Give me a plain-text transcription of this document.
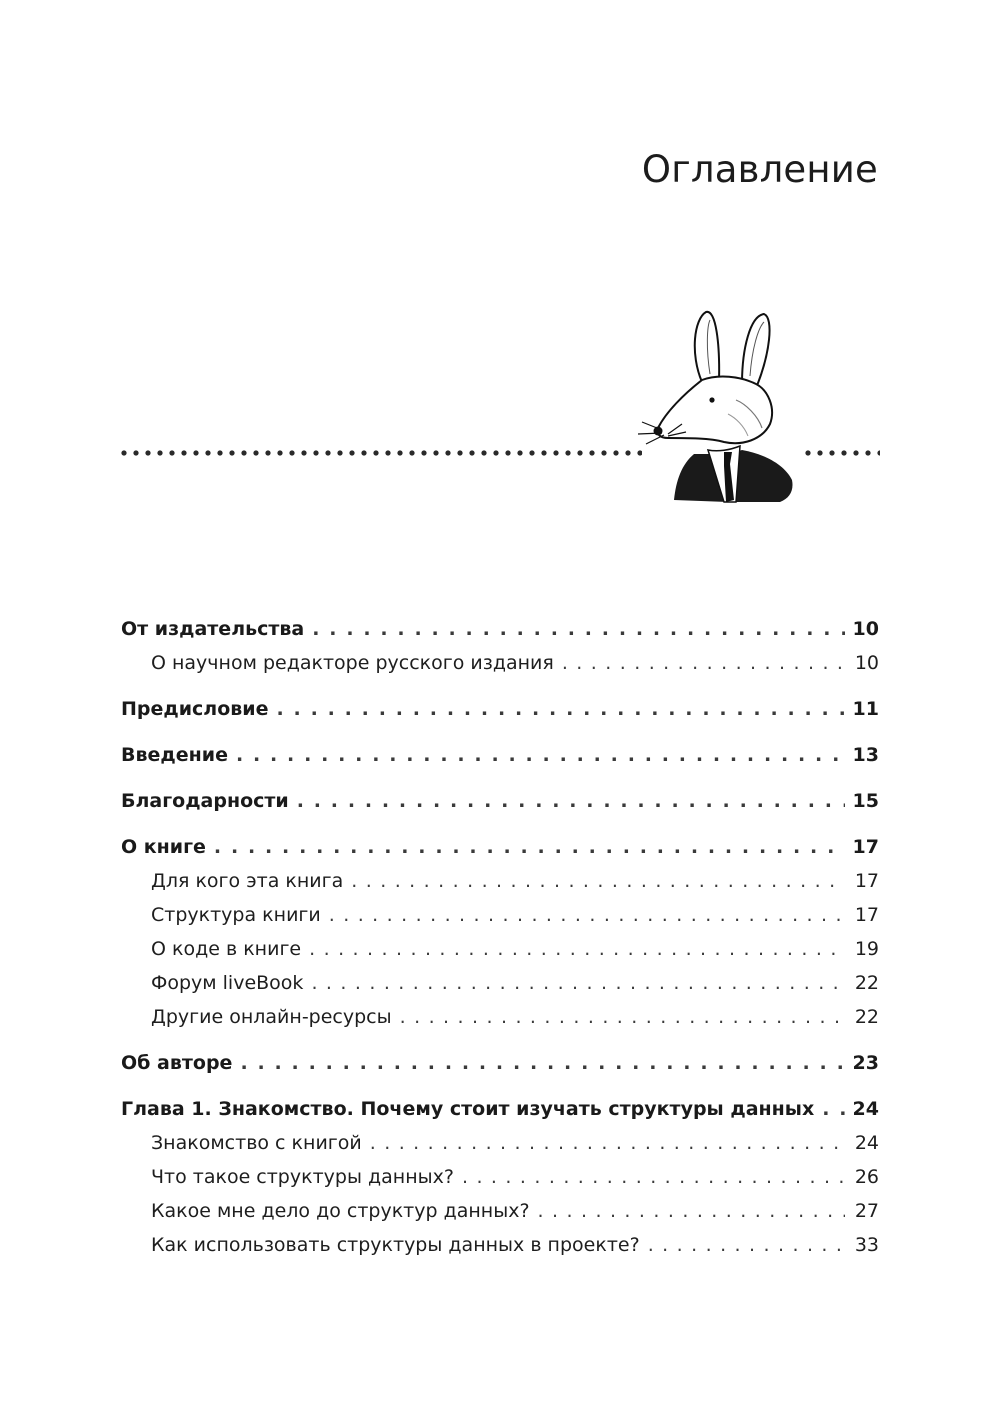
Оглавление
От издательства . . .	10
О научном редакторе русского издания . . .	10
Предисловие . . .	11
Введение . . .	13
Благодарности . . .	15
О книге . . .	17
Для кого эта книга . . .	17
Структура книги . . .	17
О коде в книге . . .	19
Форум liveBook . . .	22
Другие онлайн-ресурсы . . .	22
Об авторе . . .	23
Глава 1. Знакомство. Почему стоит изучать структуры данных . . . 24
Знакомство с книгой . . .	24
Что такое структуры данных? . . .	26
Какое мне дело до структур данных? . . .	27
Как использовать структуры данных в проекте? . . .	33
